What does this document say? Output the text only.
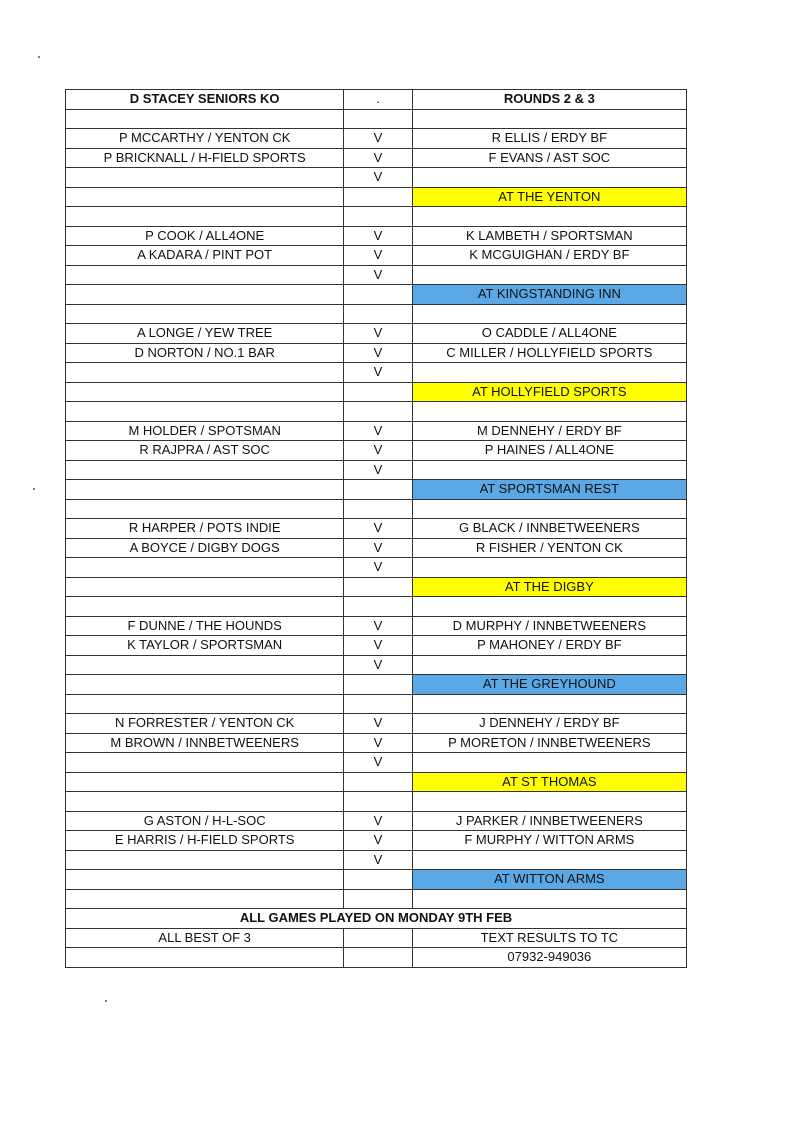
D STACEY SENIORS KO	.	ROUNDS 2 & 3

P MCCARTHY / YENTON CK	V	R ELLIS / ERDY BF
P BRICKNALL / H-FIELD SPORTS	V	F EVANS / AST SOC
	V	
		AT THE YENTON

P COOK / ALL4ONE	V	K LAMBETH / SPORTSMAN
A KADARA / PINT POT	V	K MCGUIGHAN / ERDY BF
	V	
		AT KINGSTANDING INN

A LONGE / YEW TREE	V	O CADDLE / ALL4ONE
D NORTON / NO.1 BAR	V	C MILLER / HOLLYFIELD SPORTS
	V	
		AT HOLLYFIELD SPORTS

M HOLDER / SPOTSMAN	V	M DENNEHY / ERDY BF
R RAJPRA / AST SOC	V	P HAINES / ALL4ONE
	V	
		AT SPORTSMAN REST

R HARPER / POTS INDIE	V	G BLACK / INNBETWEENERS
A BOYCE / DIGBY DOGS	V	R FISHER / YENTON CK
	V	
		AT THE DIGBY

F DUNNE / THE HOUNDS	V	D MURPHY / INNBETWEENERS
K TAYLOR / SPORTSMAN	V	P MAHONEY / ERDY BF
	V	
		AT THE GREYHOUND

N FORRESTER / YENTON CK	V	J DENNEHY / ERDY BF
M BROWN / INNBETWEENERS	V	P MORETON / INNBETWEENERS
	V	
		AT ST THOMAS

G ASTON / H-L-SOC	V	J PARKER / INNBETWEENERS
E HARRIS / H-FIELD SPORTS	V	F MURPHY / WITTON ARMS
	V	
		AT WITTON ARMS

ALL GAMES PLAYED ON MONDAY 9TH FEB		
ALL BEST OF 3		TEXT RESULTS TO TC
		07932-949036
